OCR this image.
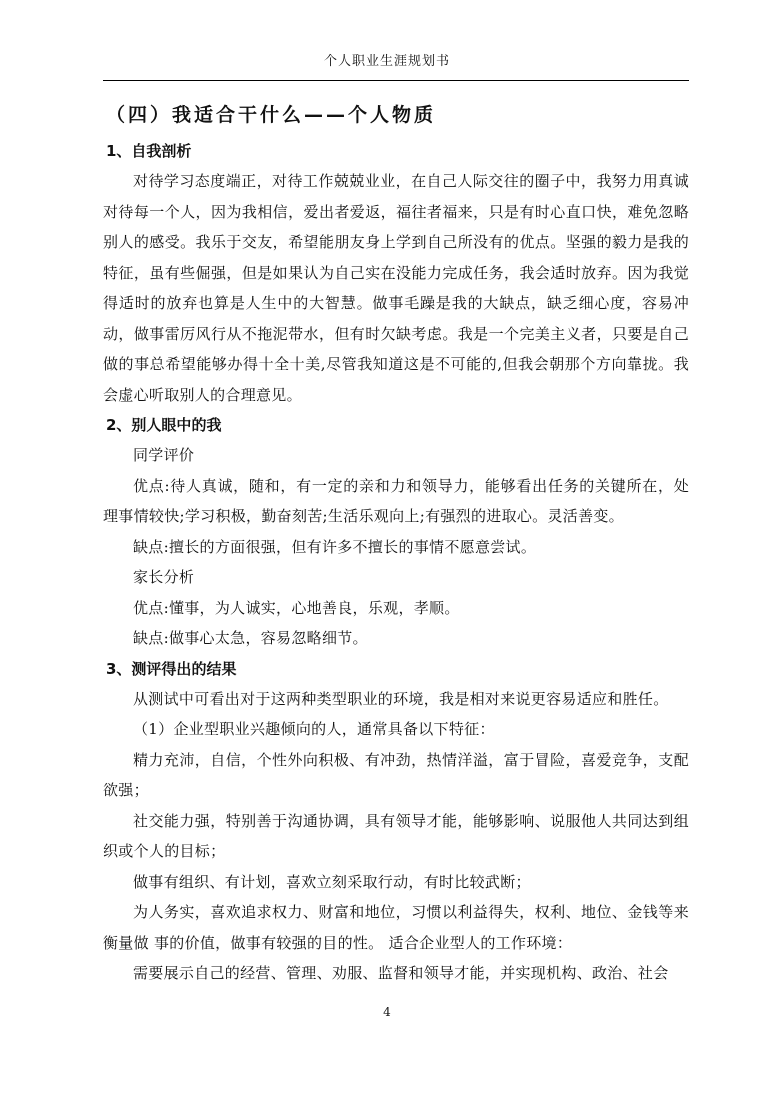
个人职业生涯规划书
（四）我适合干什么——个人物质
1、自我剖析

对待学习态度端正，对待工作兢兢业业，在自己人际交往的圈子中，我努力用真诚对待每一个人，因为我相信，爱出者爱返，福往者福来，只是有时心直口快，难免忽略别人的感受。我乐于交友，希望能朋友身上学到自己所没有的优点。坚强的毅力是我的特征，虽有些倔强，但是如果认为自己实在没能力完成任务，我会适时放弃。因为我觉得适时的放弃也算是人生中的大智慧。做事毛躁是我的大缺点，缺乏细心度，容易冲动，做事雷厉风行从不拖泥带水，但有时欠缺考虑。我是一个完美主义者，只要是自己做的事总希望能够办得十全十美,尽管我知道这是不可能的,但我会朝那个方向靠拢。我会虚心听取别人的合理意见。

2、别人眼中的我

同学评价

优点:待人真诚，随和，有一定的亲和力和领导力，能够看出任务的关键所在，处理事情较快;学习积极，勤奋刻苦;生活乐观向上;有强烈的进取心。灵活善变。

缺点:擅长的方面很强，但有许多不擅长的事情不愿意尝试。

家长分析

优点:懂事，为人诚实，心地善良，乐观，孝顺。

缺点:做事心太急，容易忽略细节。

3、测评得出的结果

从测试中可看出对于这两种类型职业的环境，我是相对来说更容易适应和胜任。

（1）企业型职业兴趣倾向的人，通常具备以下特征：

精力充沛，自信，个性外向积极、有冲劲，热情洋溢，富于冒险，喜爱竞争，支配欲强；

社交能力强，特别善于沟通协调，具有领导才能，能够影响、说服他人共同达到组织或个人的目标；

做事有组织、有计划，喜欢立刻采取行动，有时比较武断；

为人务实，喜欢追求权力、财富和地位，习惯以利益得失，权利、地位、金钱等来衡量做 事的价值，做事有较强的目的性。 适合企业型人的工作环境：

需要展示自己的经营、管理、劝服、监督和领导才能，并实现机构、政治、社会

4
